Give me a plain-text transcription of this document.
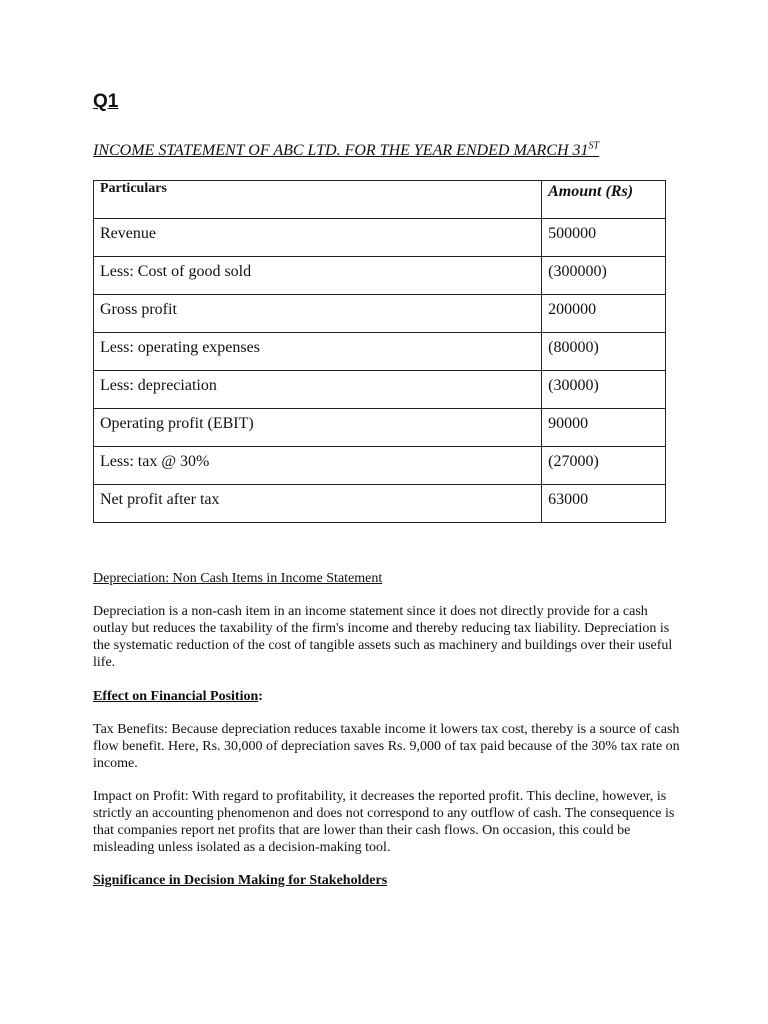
Q1
INCOME STATEMENT OF ABC LTD. FOR THE YEAR ENDED MARCH 31ST
Particulars	Amount (Rs)
Revenue	500000
Less: Cost of good sold	(300000)
Gross profit	200000
Less: operating expenses	(80000)
Less: depreciation	(30000)
Operating profit (EBIT)	90000
Less: tax @ 30%	(27000)
Net profit after tax	63000
Depreciation: Non Cash Items in Income Statement
Depreciation is a non-cash item in an income statement since it does not directly provide for a cash outlay but reduces the taxability of the firm's income and thereby reducing tax liability. Depreciation is the systematic reduction of the cost of tangible assets such as machinery and buildings over their useful life.
Effect on Financial Position:
Tax Benefits: Because depreciation reduces taxable income it lowers tax cost, thereby is a source of cash flow benefit. Here, Rs. 30,000 of depreciation saves Rs. 9,000 of tax paid because of the 30% tax rate on income.
Impact on Profit: With regard to profitability, it decreases the reported profit. This decline, however, is strictly an accounting phenomenon and does not correspond to any outflow of cash. The consequence is that companies report net profits that are lower than their cash flows. On occasion, this could be misleading unless isolated as a decision-making tool.
Significance in Decision Making for Stakeholders
